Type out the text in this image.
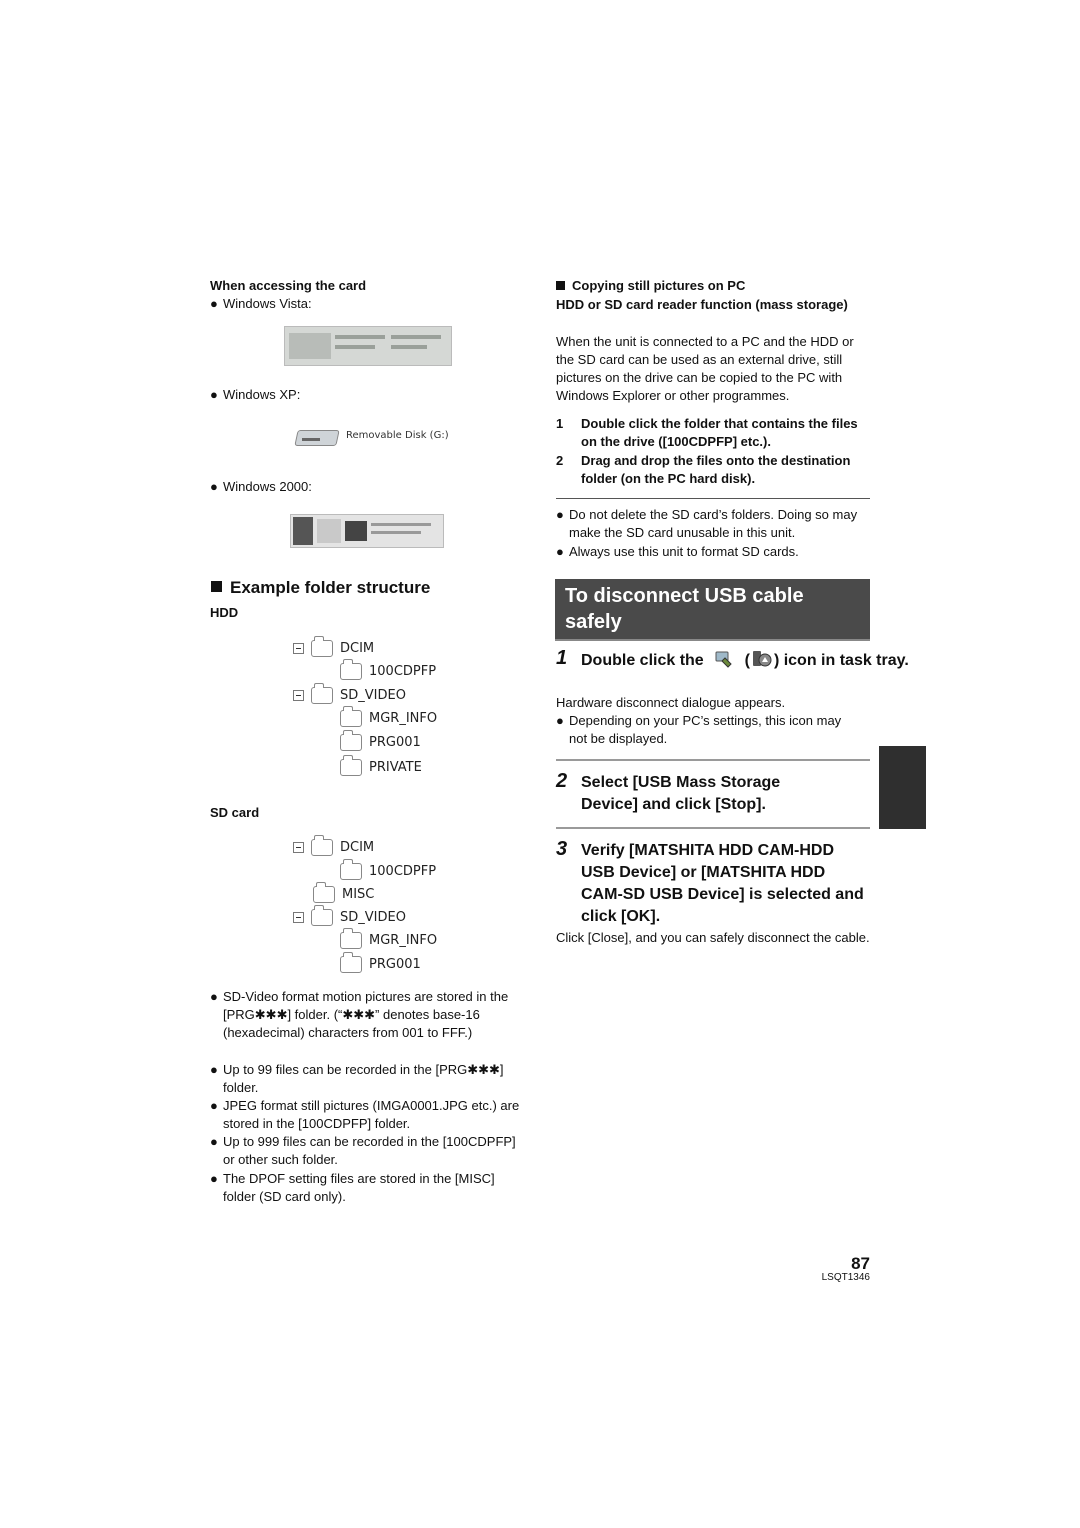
When accessing the card
● Windows Vista:
● Windows XP:
Removable Disk (G:)
● Windows 2000:
Example folder structure
HDD
DCIM
100CDPFP
SD_VIDEO
MGR_INFO
PRG001
PRIVATE
SD card
DCIM
100CDPFP
MISC
SD_VIDEO
MGR_INFO
PRG001
● SD-Video format motion pictures are stored in the [PRG✱✱✱] folder. (“✱✱✱” denotes base-16 (hexadecimal) characters from 001 to FFF.)
● Up to 99 files can be recorded in the [PRG✱✱✱] folder.
● JPEG format still pictures (IMGA0001.JPG etc.) are stored in the [100CDPFP] folder.
● Up to 999 files can be recorded in the [100CDPFP] or other such folder.
● The DPOF setting files are stored in the [MISC] folder (SD card only).
Copying still pictures on PC
HDD or SD card reader function (mass storage)
When the unit is connected to a PC and the HDD or the SD card can be used as an external drive, still pictures on the drive can be copied to the PC with Windows Explorer or other programmes.
1	Double click the folder that contains the files on the drive ([100CDPFP] etc.).
2	Drag and drop the files onto the destination folder (on the PC hard disk).
● Do not delete the SD card’s folders. Doing so may make the SD card unusable in this unit.
● Always use this unit to format SD cards.
To disconnect USB cable safely
1 Double click the	( ) icon in task tray.
Hardware disconnect dialogue appears.
● Depending on your PC’s settings, this icon may not be displayed.
2 Select [USB Mass Storage Device] and click [Stop].
3 Verify [MATSHITA HDD CAM-HDD USB Device] or [MATSHITA HDD CAM-SD USB Device] is selected and click [OK].
Click [Close], and you can safely disconnect the cable.
87
LSQT1346
